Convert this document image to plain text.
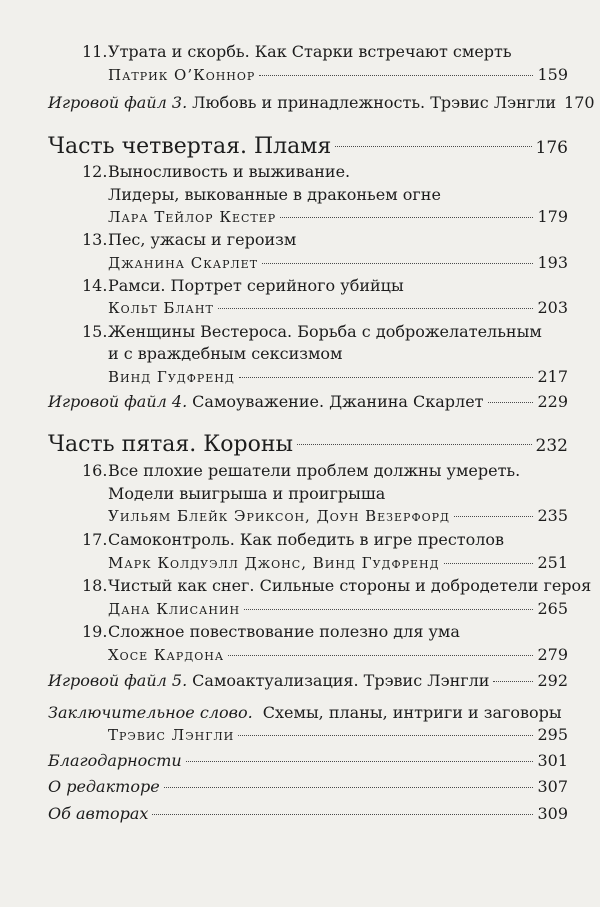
11. Утрата и скорбь. Как Старки встречают смерть
Патрик О’Коннор	159
Игровой файл 3. Любовь и принадлежность. Трэвис Лэнгли 170
Часть четвертая. Пламя	176
12. Выносливость и выживание.
Лидеры, выкованные в драконьем огне
Лара Тейлор Кестер	179
13. Пес, ужасы и героизм
Джанина Скарлет	193
14. Рамси. Портрет серийного убийцы
Кольт Блант	203
15. Женщины Вестероса. Борьба с доброжелательным
и с враждебным сексизмом
Винд Гудфренд	217
Игровой файл 4. Самоуважение. Джанина Скарлет	229
Часть пятая. Короны	232
16. Все плохие решатели проблем должны умереть.
Модели выигрыша и проигрыша
Уильям Блейк Эриксон, Доун Везерфорд	235
17. Самоконтроль. Как победить в игре престолов
Марк Колдуэлл Джонс, Винд Гудфренд	251
18. Чистый как снег. Сильные стороны и добродетели героя
Дана Клисанин	265
19. Сложное повествование полезно для ума
Хосе Кардона	279
Игровой файл 5. Самоактуализация. Трэвис Лэнгли	292
Заключительное слово. Схемы, планы, интриги и заговоры
Трэвис Лэнгли	295
Благодарности	301
О редакторе	307
Об авторах	309
